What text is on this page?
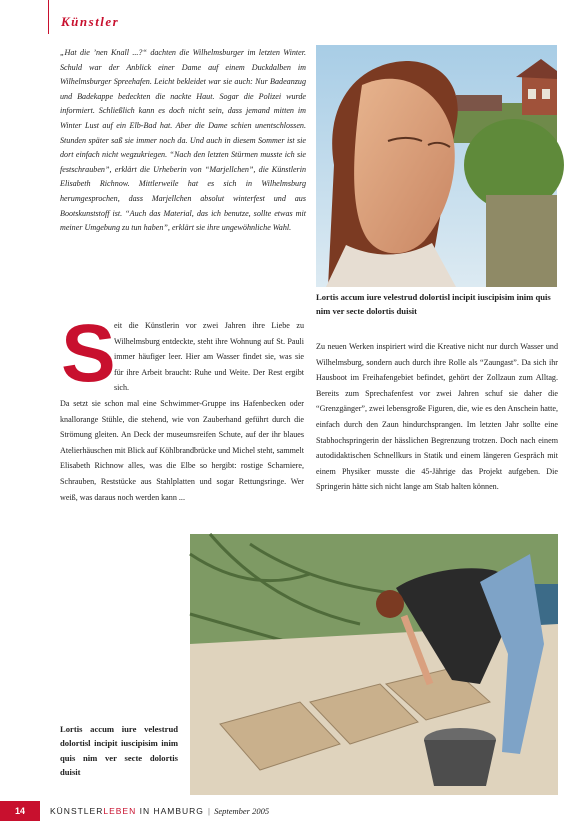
Künstler

„Hat die ’nen Knall ...?“ dachten die Wilhelmsburger im letzten Winter. Schuld war der Anblick einer Dame auf einem Duckdalben im Wilhelmsburger Spreehafen. Leicht bekleidet war sie auch: Nur Badeanzug und Badekappe bedeckten die nackte Haut. Sogar die Polizei wurde informiert. Schließlich kann es doch nicht sein, dass jemand mitten im Winter Lust auf ein Elb-Bad hat. Aber die Dame schien unentschlossen. Stunden später saß sie immer noch da. Und auch in diesem Sommer ist sie dort einfach nicht wegzukriegen. “Nach den letzten Stürmen musste ich sie festschrauben”, erklärt die Urheberin von “Marjellchen”, die Künstlerin Elisabeth Richnow. Mittlerweile hat es sich in Wilhelmsburg herumgesprochen, dass Marjellchen absolut winterfest und aus Bootskunststoff ist. “Auch das Material, das ich benutze, sollte etwas mit meiner Umgebung zu tun haben”, erklärt sie ihre ungewöhnliche Wahl.

Lortis accum iure velestrud dolortisl incipit iuscipisim inim quis nim ver secte dolortis duisit

S

eit die Künstlerin vor zwei Jahren ihre Liebe zu Wilhelmsburg entdeckte, steht ihre Wohnung auf St. Pauli immer häufiger leer. Hier am Wasser findet sie, was sie für ihre Arbeit braucht: Ruhe und Weite. Der Rest ergibt sich.

Da setzt sie schon mal eine Schwimmer-Gruppe ins Hafenbecken oder knallorange Stühle, die stehend, wie von Zauberhand geführt durch die Strömung gleiten. An Deck der museumsreifen Schute, auf der ihr blaues Atelierhäuschen mit Blick auf Köhlbrandbrücke und Michel steht, sammelt Elisabeth Richnow alles, was die Elbe so hergibt: rostige Scharniere, Schrauben, Reststücke aus Stahlplatten und sogar Rettungsringe. Wer weiß, was daraus noch werden kann ...

Zu neuen Werken inspiriert wird die Kreative nicht nur durch Wasser und Wilhelmsburg, sondern auch durch ihre Rolle als “Zaungast”. Da sich ihr Hausboot im Freihafengebiet befindet, gehört der Zollzaun zum Alltag. Bereits zum Sprechafenfest vor zwei Jahren schuf sie daher die “Grenzgänger”, zwei lebensgroße Figuren, die, wie es den Anschein hatte, einfach durch den Zaun hindurchsprangen. Im letzten Jahr sollte eine Stabhochspringerin der hässlichen Begrenzung trotzen. Doch nach einem autodidaktischen Schnellkurs in Statik und einem längeren Gespräch mit einem Physiker musste die 45-Jährige das Projekt aufgeben. Die Springerin hätte sich nicht lange am Stab halten können.

Lortis accum iure velestrud dolortisl incipit iuscipisim inim quis nim ver secte dolortis duisit

14	KÜNSTLERLEBEN IN HAMBURG | September 2005
